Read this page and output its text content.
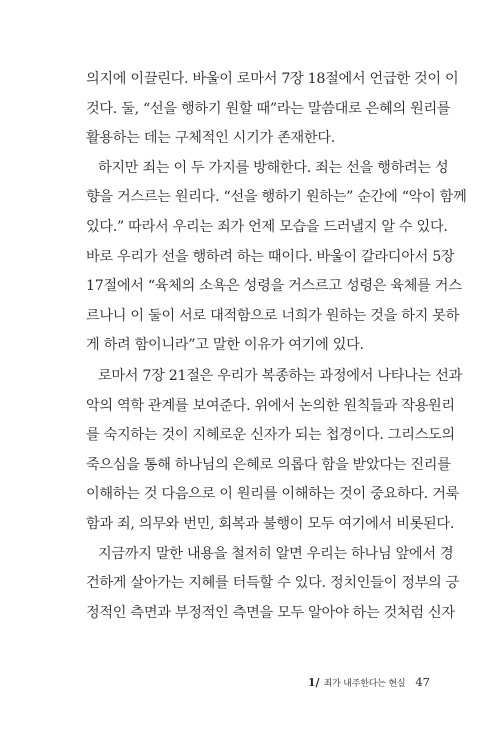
의지에 이끌린다. 바울이 로마서 7장 18절에서 언급한 것이 이
것다. 둘, “선을 행하기 원할 때”라는 말씀대로 은혜의 원리를
활용하는 데는 구체적인 시기가 존재한다.

하지만 죄는 이 두 가지를 방해한다. 죄는 선을 행하려는 성
향을 거스르는 원리다. “선을 행하기 원하는” 순간에 “악이 함께
있다.” 따라서 우리는 죄가 언제 모습을 드러낼지 알 수 있다.
바로 우리가 선을 행하려 하는 때이다. 바울이 갈라디아서 5장
17절에서 “육체의 소욕은 성령을 거스르고 성령은 육체를 거스
르나니 이 둘이 서로 대적함으로 너희가 원하는 것을 하지 못하
게 하려 함이니라”고 말한 이유가 여기에 있다.

로마서 7장 21절은 우리가 복종하는 과정에서 나타나는 선과
악의 역학 관계를 보여준다. 위에서 논의한 원칙들과 작용원리
를 숙지하는 것이 지혜로운 신자가 되는 첩경이다. 그리스도의
죽으심을 통해 하나님의 은혜로 의롭다 함을 받았다는 진리를
이해하는 것 다음으로 이 원리를 이해하는 것이 중요하다. 거룩
함과 죄, 의무와 번민, 회복과 불행이 모두 여기에서 비롯된다.

지금까지 말한 내용을 철저히 알면 우리는 하나님 앞에서 경
건하게 살아가는 지혜를 터득할 수 있다. 정치인들이 정부의 긍
정적인 측면과 부정적인 측면을 모두 알아야 하는 것처럼 신자

1/ 죄가 내주한다는 현실 47
